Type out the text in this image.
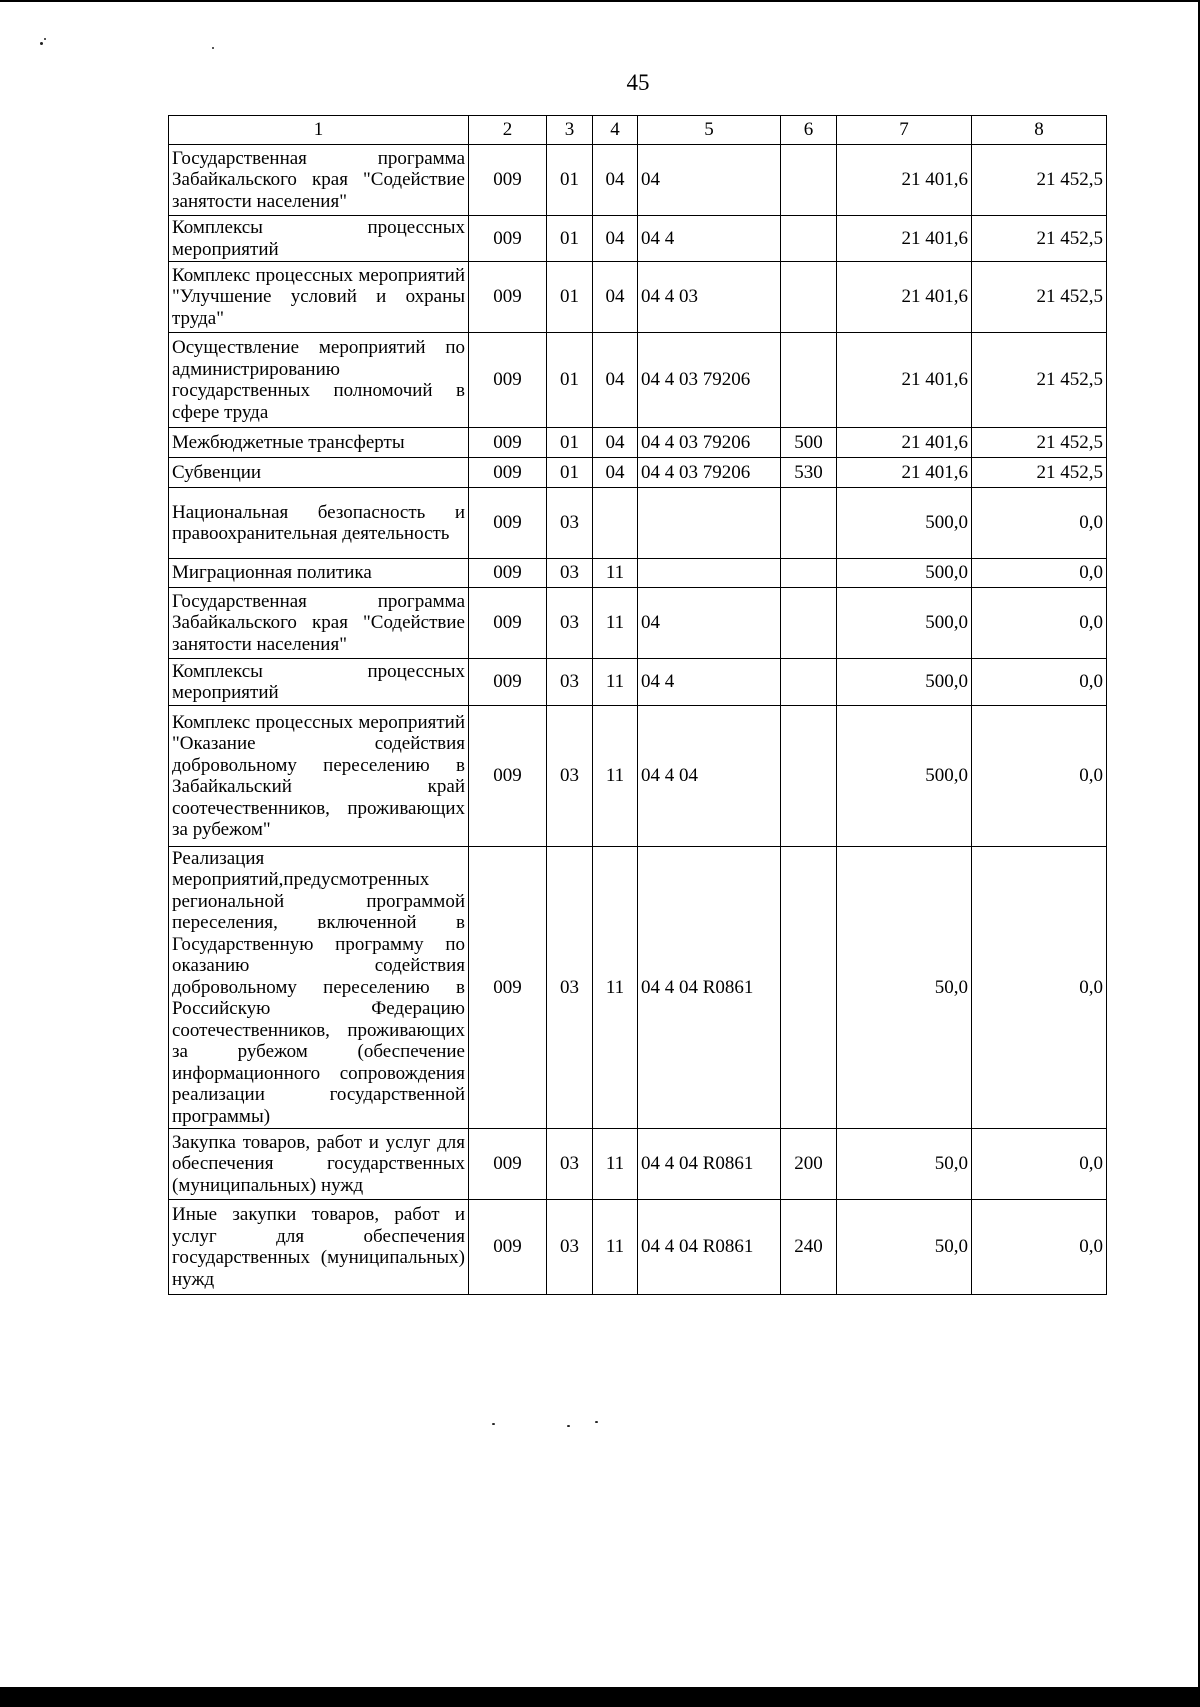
45
1	2	3	4	5	6	7	8
Государственная программа Забайкальского края "Содействие занятости населения"	009	01	04	04		21 401,6	21 452,5
Комплексы процессных мероприятий	009	01	04	04 4		21 401,6	21 452,5
Комплекс процессных мероприятий "Улучшение условий и охраны труда"	009	01	04	04 4 03		21 401,6	21 452,5
Осуществление мероприятий по администрированию государственных полномочий в сфере труда	009	01	04	04 4 03 79206		21 401,6	21 452,5
Межбюджетные трансферты	009	01	04	04 4 03 79206	500	21 401,6	21 452,5
Субвенции	009	01	04	04 4 03 79206	530	21 401,6	21 452,5
Национальная безопасность и правоохранительная деятельность	009	03				500,0	0,0
Миграционная политика	009	03	11			500,0	0,0
Государственная программа Забайкальского края "Содействие занятости населения"	009	03	11	04		500,0	0,0
Комплексы процессных мероприятий	009	03	11	04 4		500,0	0,0
Комплекс процессных мероприятий "Оказание содействия добровольному переселению в Забайкальский край соотечественников, проживающих за рубежом"	009	03	11	04 4 04		500,0	0,0
Реализация мероприятий,предусмотренных региональной программой переселения, включенной в Государственную программу по оказанию содействия добровольному переселению в Российскую Федерацию соотечественников, проживающих за рубежом (обеспечение информационного сопровождения реализации государственной программы)	009	03	11	04 4 04 R0861		50,0	0,0
Закупка товаров, работ и услуг для обеспечения государственных (муниципальных) нужд	009	03	11	04 4 04 R0861	200	50,0	0,0
Иные закупки товаров, работ и услуг для обеспечения государственных (муниципальных) нужд	009	03	11	04 4 04 R0861	240	50,0	0,0
